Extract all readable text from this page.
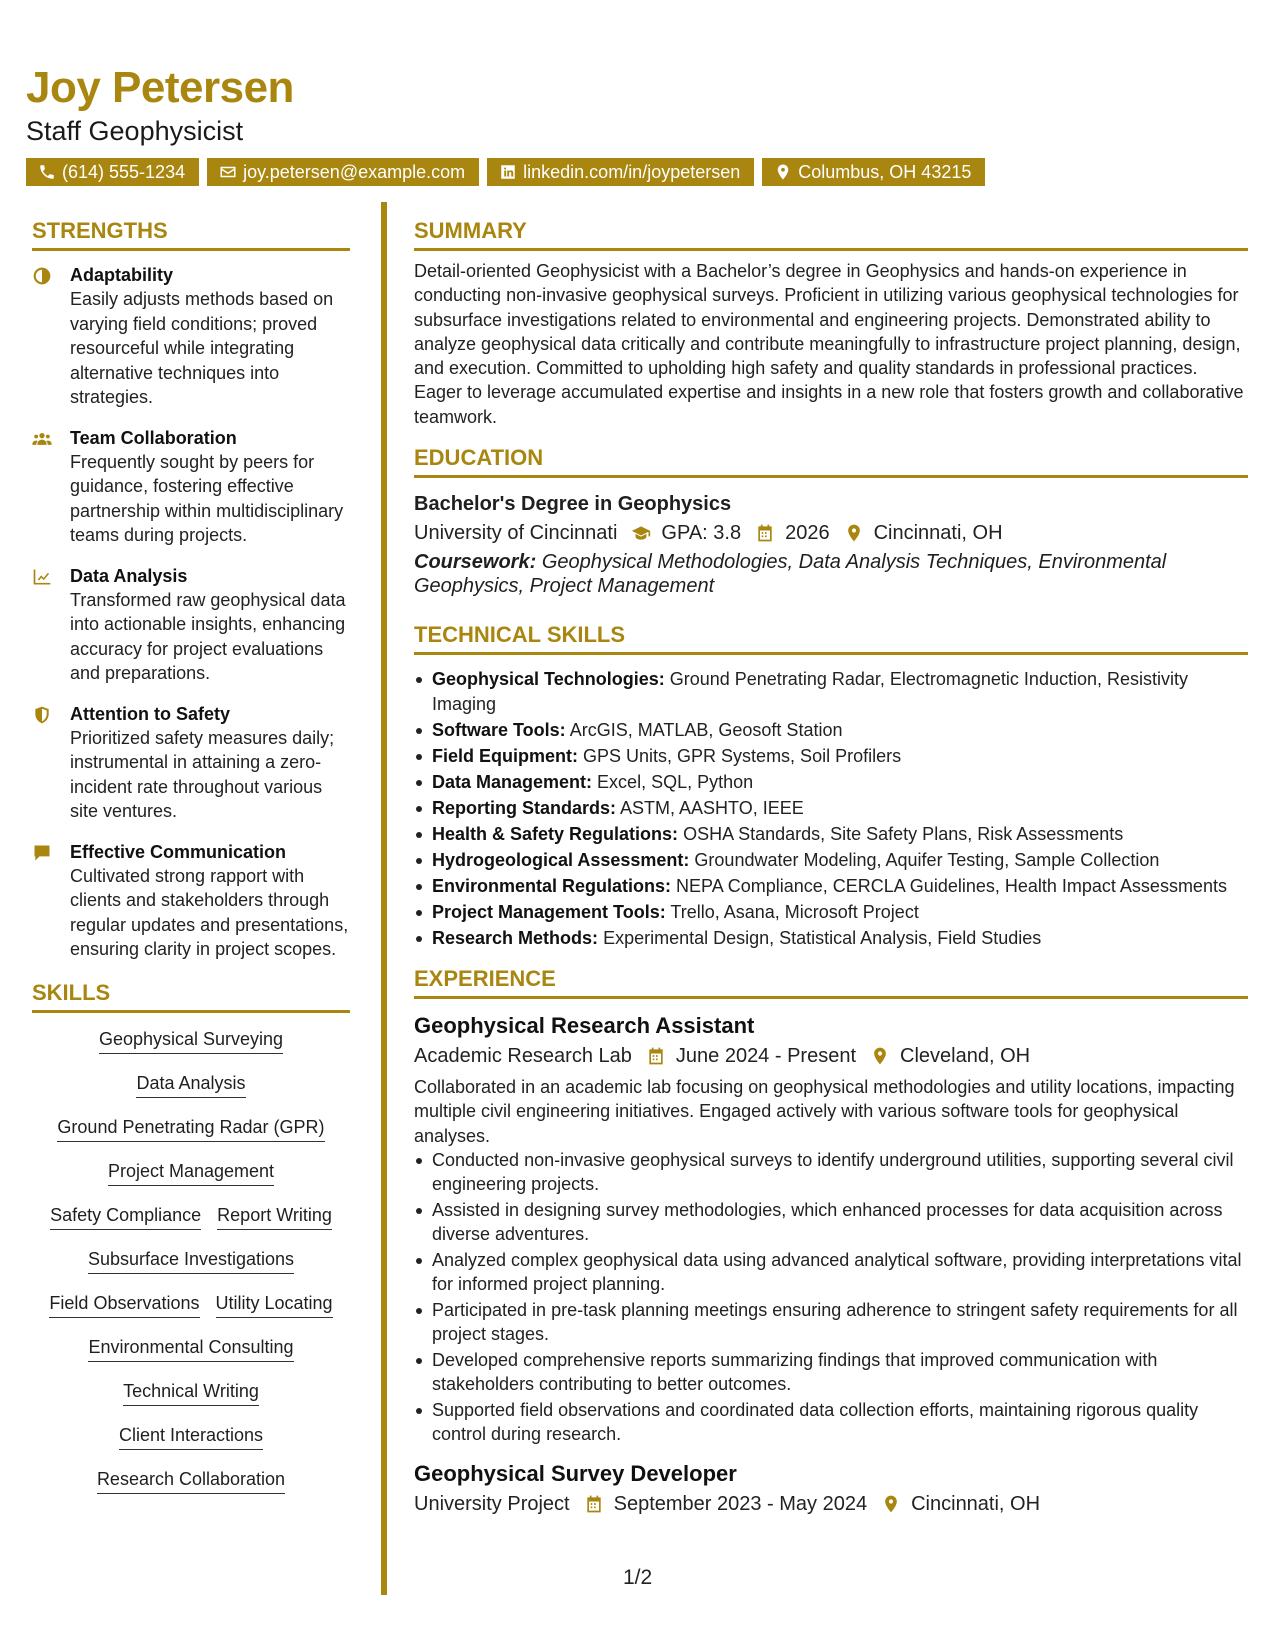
Joy Petersen
Staff Geophysicist
(614) 555-1234	joy.petersen@example.com	linkedin.com/in/joypetersen	Columbus, OH 43215
STRENGTHS
Adaptability
Easily adjusts methods based on varying field conditions; proved resourceful while integrating alternative techniques into strategies.
Team Collaboration
Frequently sought by peers for guidance, fostering effective partnership within multidisciplinary teams during projects.
Data Analysis
Transformed raw geophysical data into actionable insights, enhancing accuracy for project evaluations and preparations.
Attention to Safety
Prioritized safety measures daily; instrumental in attaining a zero-incident rate throughout various site ventures.
Effective Communication
Cultivated strong rapport with clients and stakeholders through regular updates and presentations, ensuring clarity in project scopes.
SKILLS
Geophysical Surveying
Data Analysis
Ground Penetrating Radar (GPR)
Project Management
Safety Compliance Report Writing
Subsurface Investigations
Field Observations Utility Locating
Environmental Consulting
Technical Writing
Client Interactions
Research Collaboration
SUMMARY

Detail-oriented Geophysicist with a Bachelor’s degree in Geophysics and hands-on experience in conducting non-invasive geophysical surveys. Proficient in utilizing various geophysical technologies for subsurface investigations related to environmental and engineering projects. Demonstrated ability to analyze geophysical data critically and contribute meaningfully to infrastructure project planning, design, and execution. Committed to upholding high safety and quality standards in professional practices. Eager to leverage accumulated expertise and insights in a new role that fosters growth and collaborative teamwork.

EDUCATION
Bachelor's Degree in Geophysics
University of Cincinnati GPA: 3.8 2026 Cincinnati, OH
Coursework: Geophysical Methodologies, Data Analysis Techniques, Environmental Geophysics, Project Management
TECHNICAL SKILLS
Geophysical Technologies: Ground Penetrating Radar, Electromagnetic Induction, Resistivity Imaging
Software Tools: ArcGIS, MATLAB, Geosoft Station
Field Equipment: GPS Units, GPR Systems, Soil Profilers
Data Management: Excel, SQL, Python
Reporting Standards: ASTM, AASHTO, IEEE
Health & Safety Regulations: OSHA Standards, Site Safety Plans, Risk Assessments
Hydrogeological Assessment: Groundwater Modeling, Aquifer Testing, Sample Collection
Environmental Regulations: NEPA Compliance, CERCLA Guidelines, Health Impact Assessments
Project Management Tools: Trello, Asana, Microsoft Project
Research Methods: Experimental Design, Statistical Analysis, Field Studies
EXPERIENCE
Geophysical Research Assistant
Academic Research Lab June 2024 - Present Cleveland, OH

Collaborated in an academic lab focusing on geophysical methodologies and utility locations, impacting multiple civil engineering initiatives. Engaged actively with various software tools for geophysical analyses.

Conducted non-invasive geophysical surveys to identify underground utilities, supporting several civil engineering projects.
Assisted in designing survey methodologies, which enhanced processes for data acquisition across diverse adventures.
Analyzed complex geophysical data using advanced analytical software, providing interpretations vital for informed project planning.
Participated in pre-task planning meetings ensuring adherence to stringent safety requirements for all project stages.
Developed comprehensive reports summarizing findings that improved communication with stakeholders contributing to better outcomes.
Supported field observations and coordinated data collection efforts, maintaining rigorous quality control during research.
Geophysical Survey Developer
University Project September 2023 - May 2024 Cincinnati, OH
1/2
